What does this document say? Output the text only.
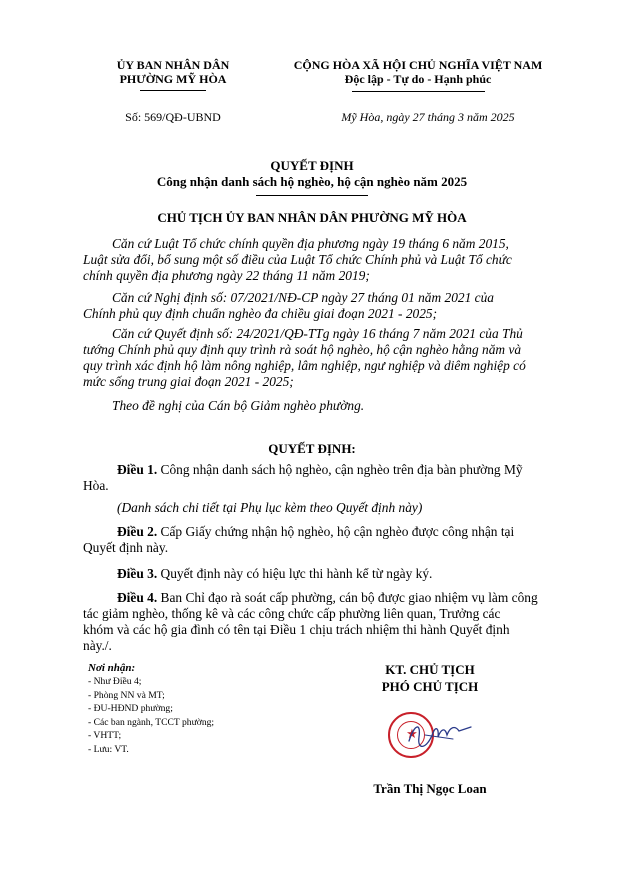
ỦY BAN NHÂN DÂN
PHƯỜNG MỸ HÒA
CỘNG HÒA XÃ HỘI CHỦ NGHĨA VIỆT NAM
Độc lập - Tự do - Hạnh phúc
Số: 569/QĐ-UBND	Mỹ Hòa, ngày 27 tháng 3 năm 2025
QUYẾT ĐỊNH
Công nhận danh sách hộ nghèo, hộ cận nghèo năm 2025
CHỦ TỊCH ỦY BAN NHÂN DÂN PHƯỜNG MỸ HÒA
Căn cứ Luật Tổ chức chính quyền địa phương ngày 19 tháng 6 năm 2015,
Luật sửa đổi, bổ sung một số điều của Luật Tổ chức Chính phủ và Luật Tổ chức
chính quyền địa phương ngày 22 tháng 11 năm 2019;
Căn cứ Nghị định số: 07/2021/NĐ-CP ngày 27 tháng 01 năm 2021 của
Chính phủ quy định chuẩn nghèo đa chiều giai đoạn 2021 - 2025;
Căn cứ Quyết định số: 24/2021/QĐ-TTg ngày 16 tháng 7 năm 2021 của Thủ
tướng Chính phủ quy định quy trình rà soát hộ nghèo, hộ cận nghèo hằng năm và
quy trình xác định hộ làm nông nghiệp, lâm nghiệp, ngư nghiệp và diêm nghiệp có
mức sống trung giai đoạn 2021 - 2025;
Theo đề nghị của Cán bộ Giảm nghèo phường.
QUYẾT ĐỊNH:
Điều 1. Công nhận danh sách hộ nghèo, cận nghèo trên địa bàn phường Mỹ
Hòa.
(Danh sách chi tiết tại Phụ lục kèm theo Quyết định này)
Điều 2. Cấp Giấy chứng nhận hộ nghèo, hộ cận nghèo được công nhận tại
Quyết định này.
Điều 3. Quyết định này có hiệu lực thi hành kể từ ngày ký.
Điều 4. Ban Chỉ đạo rà soát cấp phường, cán bộ được giao nhiệm vụ làm công
tác giảm nghèo, thống kê và các công chức cấp phường liên quan, Trưởng các
khóm và các hộ gia đình có tên tại Điều 1 chịu trách nhiệm thi hành Quyết định
này./.
Nơi nhận:
- Như Điều 4;
- Phòng NN và MT;
- ĐU-HĐND phường;
- Các ban ngành, TCCT phường;
- VHTT;
- Lưu: VT.
KT. CHỦ TỊCH
PHÓ CHỦ TỊCH
★
Trần Thị Ngọc Loan
